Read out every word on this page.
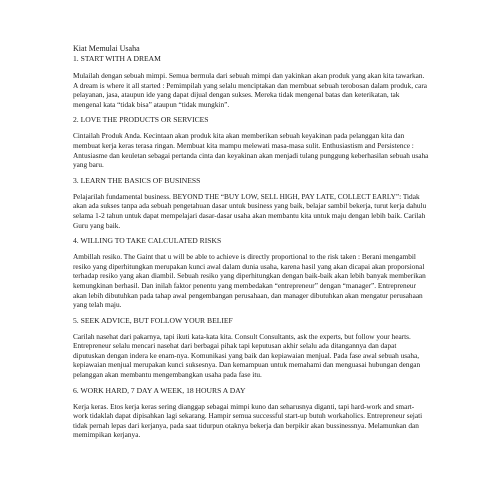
Kiat Memulai Usaha
1. START WITH A DREAM

Mulailah dengan sebuah mimpi. Semua bermula dari sebuah mimpi dan yakinkan akan produk yang akan kita tawarkan. A dream is where it all started : Pemimpilah yang selalu menciptakan dan membuat sebuah terobosan dalam produk, cara pelayanan, jasa, ataupun ide yang dapat dijual dengan sukses. Mereka tidak mengenal batas dan keterikatan, tak mengenal kata “tidak bisa” ataupun “tidak mungkin”.

2. LOVE THE PRODUCTS OR SERVICES

Cintailah Produk Anda. Kecintaan akan produk kita akan memberikan sebuah keyakinan pada pelanggan kita dan membuat kerja keras terasa ringan. Membuat kita mampu melewati masa-masa sulit. Enthusiastism and Persistence : Antusiasme dan keuletan sebagai pertanda cinta dan keyakinan akan menjadi tulang punggung keberhasilan sebuah usaha yang baru.

3. LEARN THE BASICS OF BUSINESS

Pelajarilah fundamental business. BEYOND THE “BUY LOW, SELL HIGH, PAY LATE, COLLECT EARLY”: Tidak akan ada sukses tanpa ada sebuah pengetahuan dasar untuk business yang baik, belajar sambil bekerja, turut kerja dahulu selama 1-2 tahun untuk dapat mempelajari dasar-dasar usaha akan membantu kita untuk maju dengan lebih baik. Carilah Guru yang baik.

4. WILLING TO TAKE CALCULATED RISKS

Ambillah resiko. The Gaint that u will be able to achieve is directly proportional to the risk taken : Berani mengambil resiko yang diperhitungkan merupakan kunci awal dalam dunia usaha, karena hasil yang akan dicapai akan proporsional terhadap resiko yang akan diambil. Sebuah resiko yang diperhitungkan dengan baik-baik akan lebih banyak memberikan kemungkinan berhasil. Dan inilah faktor penentu yang membedakan “entrepreneur” dengan “manager”. Entrepreneur akan lebih dibutuhkan pada tahap awal pengembangan perusahaan, dan manager dibutuhkan akan mengatur perusahaan yang telah maju.

5. SEEK ADVICE, BUT FOLLOW YOUR BELIEF

Carilah nasehat dari pakarnya, tapi ikuti kata-kata kita. Consult Consultants, ask the experts, but follow your hearts. Entrepreneur selalu mencari nasehat dari berbagai pihak tapi keputusan akhir selalu ada ditangannya dan dapat diputuskan dengan indera ke enam-nya. Komunikasi yang baik dan kepiawaian menjual. Pada fase awal sebuah usaha, kepiawaian menjual merupakan kunci suksesnya. Dan kemampuan untuk memahami dan menguasai hubungan dengan pelanggan akan membantu mengembangkan usaha pada fase itu.

6. WORK HARD, 7 DAY A WEEK, 18 HOURS A DAY

Kerja keras. Etos kerja keras sering dianggap sebagai mimpi kuno dan seharusnya diganti, tapi hard-work and smart-work tidaklah dapat dipisahkan lagi sekarang. Hampir semua successful start-up butuh workaholics. Entrepreneur sejati tidak pernah lepas dari kerjanya, pada saat tidurpun otaknya bekerja dan berpikir akan bussinessnya. Melamunkan dan memimpikan kerjanya.
